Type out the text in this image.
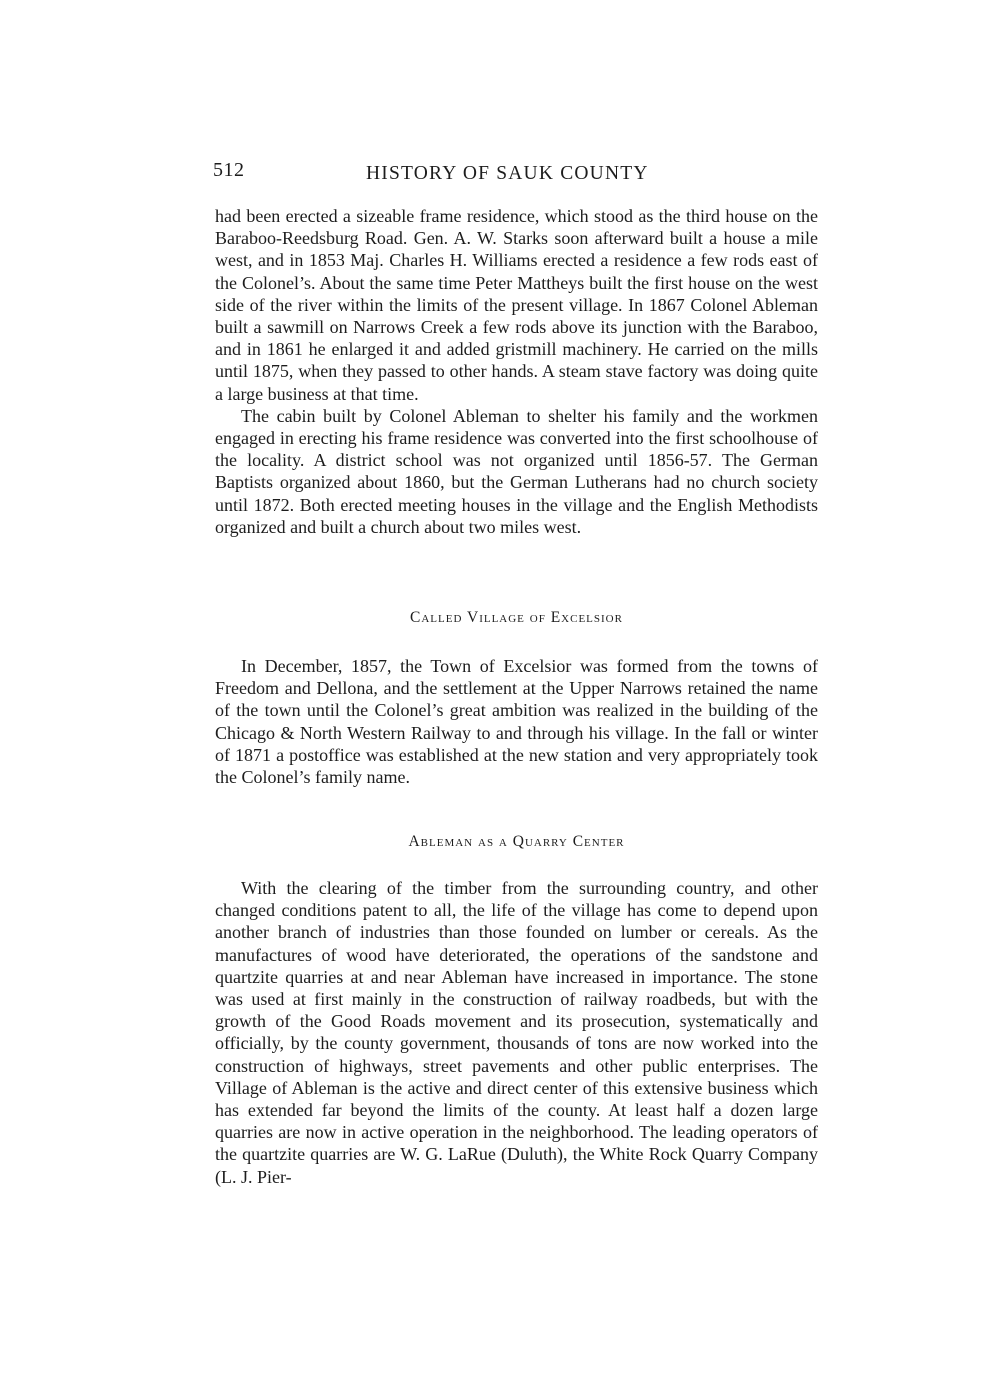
512	HISTORY OF SAUK COUNTY

had been erected a sizeable frame residence, which stood as the third house on the Baraboo-Reedsburg Road. Gen. A. W. Starks soon afterward built a house a mile west, and in 1853 Maj. Charles H. Williams erected a residence a few rods east of the Colonel’s. About the same time Peter Mattheys built the first house on the west side of the river within the limits of the present village. In 1867 Colonel Ableman built a sawmill on Narrows Creek a few rods above its junction with the Baraboo, and in 1861 he enlarged it and added gristmill machinery. He carried on the mills until 1875, when they passed to other hands. A steam stave factory was doing quite a large business at that time.

The cabin built by Colonel Ableman to shelter his family and the workmen engaged in erecting his frame residence was converted into the first schoolhouse of the locality. A district school was not organized until 1856-57. The German Baptists organized about 1860, but the German Lutherans had no church society until 1872. Both erected meeting houses in the village and the English Methodists organized and built a church about two miles west.

Called Village of Excelsior

In December, 1857, the Town of Excelsior was formed from the towns of Freedom and Dellona, and the settlement at the Upper Narrows retained the name of the town until the Colonel’s great ambition was realized in the building of the Chicago & North Western Railway to and through his village. In the fall or winter of 1871 a postoffice was established at the new station and very appropriately took the Colonel’s family name.

Ableman as a Quarry Center

With the clearing of the timber from the surrounding country, and other changed conditions patent to all, the life of the village has come to depend upon another branch of industries than those founded on lumber or cereals. As the manufactures of wood have deteriorated, the operations of the sandstone and quartzite quarries at and near Ableman have increased in importance. The stone was used at first mainly in the construction of railway roadbeds, but with the growth of the Good Roads movement and its prosecution, systematically and officially, by the county government, thousands of tons are now worked into the construction of highways, street pavements and other public enterprises. The Village of Ableman is the active and direct center of this extensive business which has extended far beyond the limits of the county. At least half a dozen large quarries are now in active operation in the neighborhood. The leading operators of the quartzite quarries are W. G. LaRue (Duluth), the White Rock Quarry Company (L. J. Pier-
